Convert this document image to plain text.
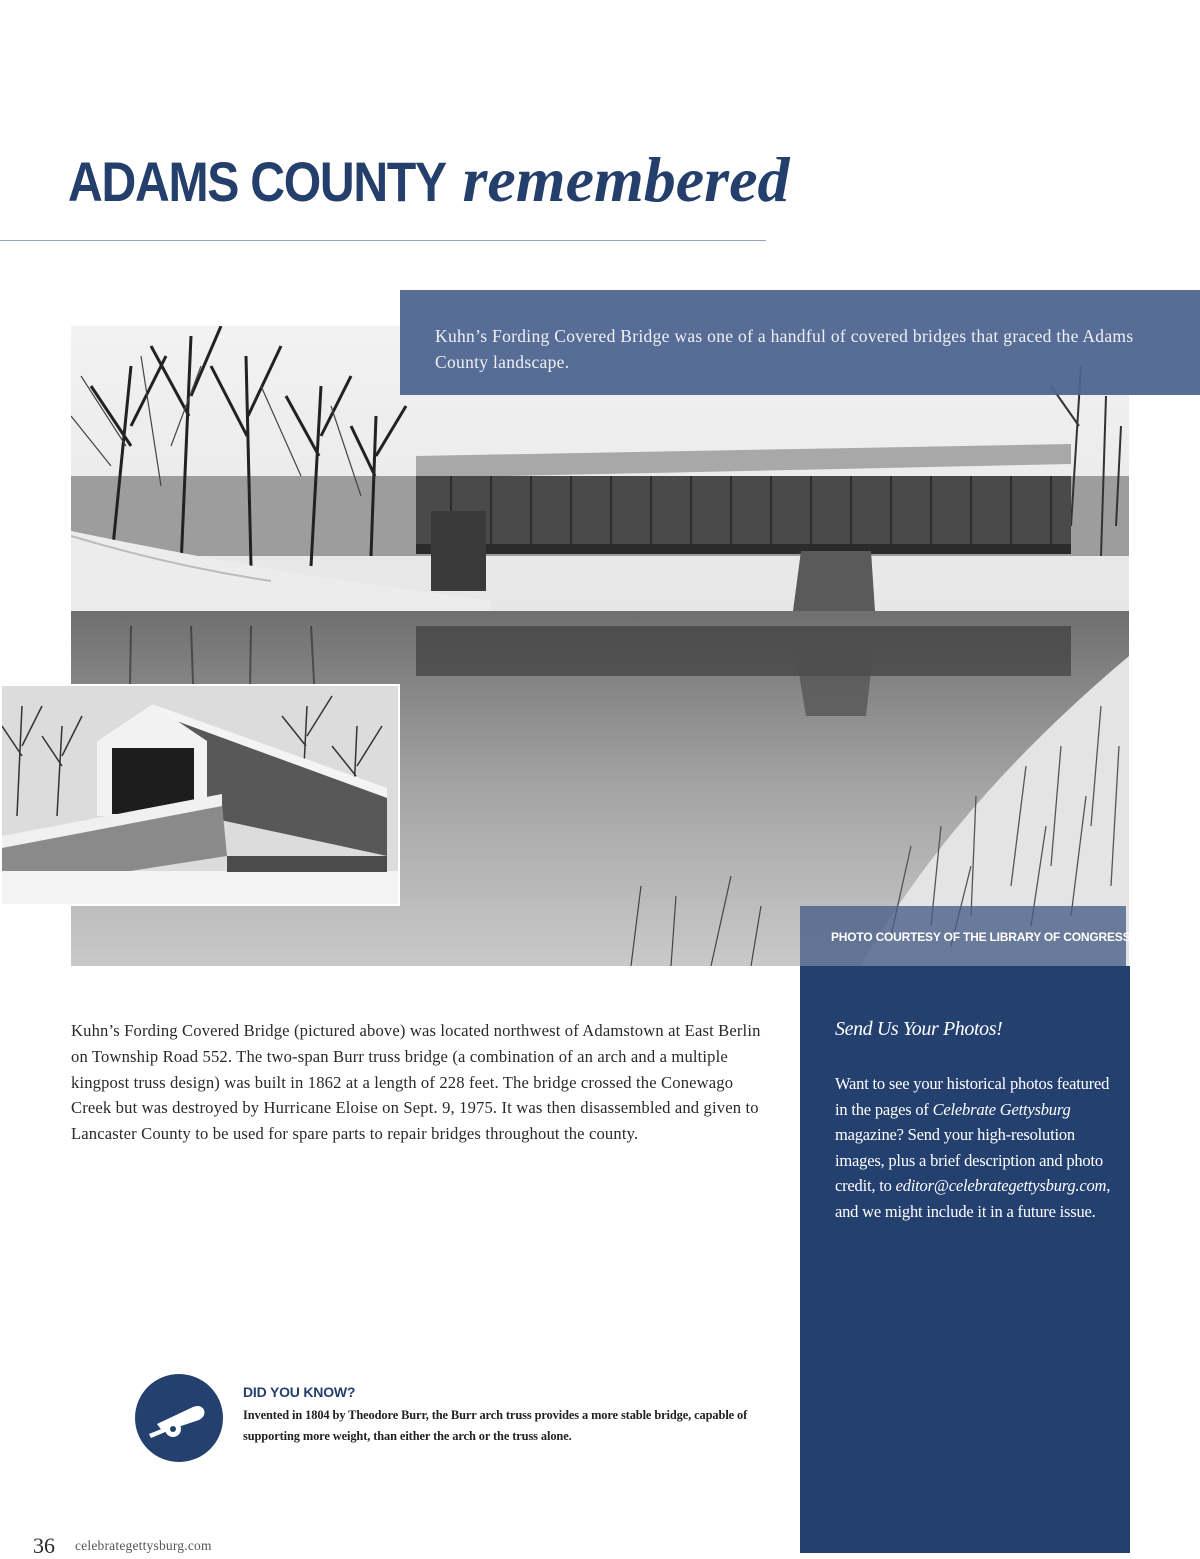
ADAMS COUNTY remembered

Kuhn’s Fording Covered Bridge was one of a handful of covered bridges that graced the Adams County landscape.

PHOTO COURTESY OF THE LIBRARY OF CONGRESS
Send Us Your Photos!
Want to see your historical photos featured in the pages of Celebrate Gettysburg magazine? Send your high-resolution images, plus a brief description and photo credit, to editor@celebrategettysburg.com, and we might include it in a future issue.
Kuhn’s Fording Covered Bridge (pictured above) was located northwest of Adamstown at East Berlin on Township Road 552. The two-span Burr truss bridge (a combination of an arch and a multiple kingpost truss design) was built in 1862 at a length of 228 feet. The bridge crossed the Conewago Creek but was destroyed by Hurricane Eloise on Sept. 9, 1975. It was then disassembled and given to Lancaster County to be used for spare parts to repair bridges throughout the county.
DID YOU KNOW?
Invented in 1804 by Theodore Burr, the Burr arch truss provides a more stable bridge, capable of supporting more weight, than either the arch or the truss alone.
36 celebrategettysburg.com
